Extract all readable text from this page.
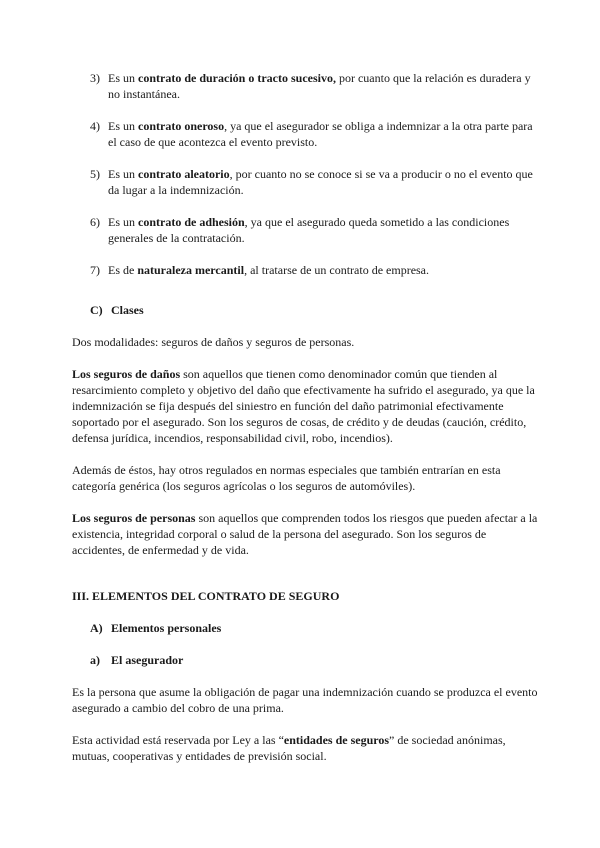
3) Es un contrato de duración o tracto sucesivo, por cuanto que la relación es duradera y no instantánea.
4) Es un contrato oneroso, ya que el asegurador se obliga a indemnizar a la otra parte para el caso de que acontezca el evento previsto.
5) Es un contrato aleatorio, por cuanto no se conoce si se va a producir o no el evento que da lugar a la indemnización.
6) Es un contrato de adhesión, ya que el asegurado queda sometido a las condiciones generales de la contratación.
7) Es de naturaleza mercantil, al tratarse de un contrato de empresa.
C) Clases

Dos modalidades: seguros de daños y seguros de personas.

Los seguros de daños son aquellos que tienen como denominador común que tienden al resarcimiento completo y objetivo del daño que efectivamente ha sufrido el asegurado, ya que la indemnización se fija después del siniestro en función del daño patrimonial efectivamente soportado por el asegurado. Son los seguros de cosas, de crédito y de deudas (caución, crédito, defensa jurídica, incendios, responsabilidad civil, robo, incendios).

Además de éstos, hay otros regulados en normas especiales que también entrarían en esta categoría genérica (los seguros agrícolas o los seguros de automóviles).

Los seguros de personas son aquellos que comprenden todos los riesgos que pueden afectar a la existencia, integridad corporal o salud de la persona del asegurado. Son los seguros de accidentes, de enfermedad y de vida.

III. ELEMENTOS DEL CONTRATO DE SEGURO
A) Elementos personales
a) El asegurador

Es la persona que asume la obligación de pagar una indemnización cuando se produzca el evento asegurado a cambio del cobro de una prima.

Esta actividad está reservada por Ley a las “entidades de seguros” de sociedad anónimas, mutuas, cooperativas y entidades de previsión social.
